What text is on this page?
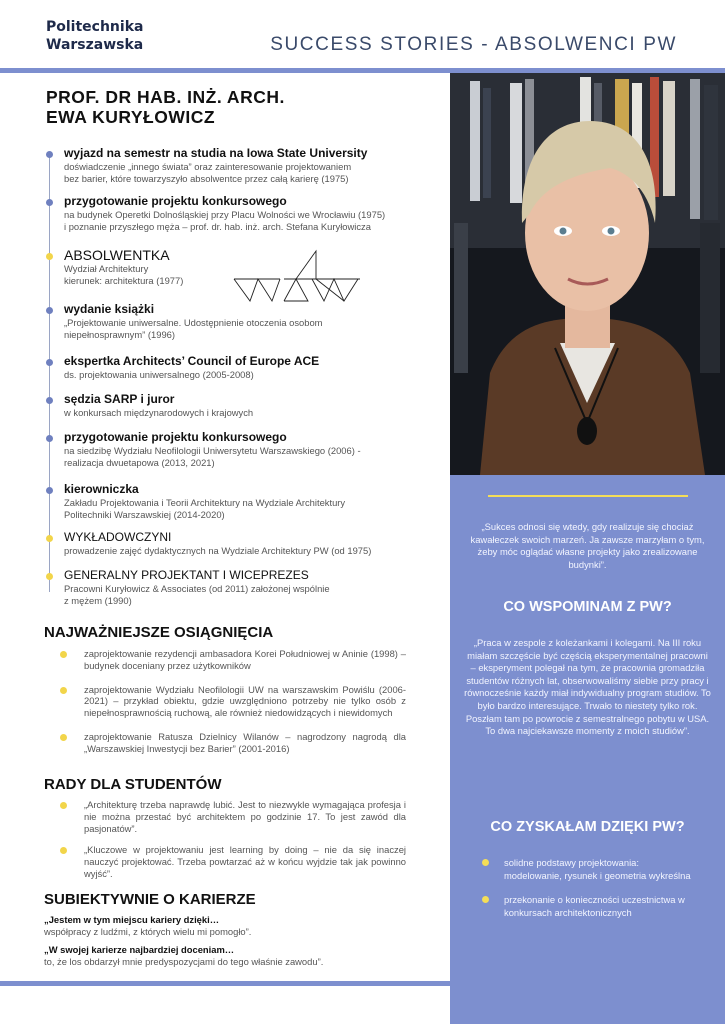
Politechnika
Warszawska	SUCCESS STORIES - ABSOLWENCI PW
PROF. DR HAB. INŻ. ARCH.
EWA KURYŁOWICZ
wyjazd na semestr na studia na Iowa State University
doświadczenie „innego świata” oraz zainteresowanie projektowaniem
bez barier, które towarzyszyło absolwentce przez całą karierę (1975)
przygotowanie projektu konkursowego
na budynek Operetki Dolnośląskiej przy Placu Wolności we Wrocławiu (1975)
i poznanie przyszłego męża – prof. dr. hab. inż. arch. Stefana Kuryłowicza
ABSOLWENTKA
Wydział Architektury
kierunek: architektura (1977)
wydanie książki
„Projektowanie uniwersalne. Udostępnienie otoczenia osobom
niepełnosprawnym” (1996)
ekspertka Architects’ Council of Europe ACE
ds. projektowania uniwersalnego (2005-2008)
sędzia SARP i juror
w konkursach międzynarodowych i krajowych
przygotowanie projektu konkursowego
na siedzibę Wydziału Neofilologii Uniwersytetu Warszawskiego (2006) -
realizacja dwuetapowa (2013, 2021)
kierowniczka
Zakładu Projektowania i Teorii Architektury na Wydziale Architektury
Politechniki Warszawskiej (2014-2020)
WYKŁADOWCZYNI
prowadzenie zajęć dydaktycznych na Wydziale Architektury PW (od 1975)
GENERALNY PROJEKTANT I WICEPREZES
Pracowni Kuryłowicz & Associates (od 2011) założonej wspólnie
z mężem (1990)
NAJWAŻNIEJSZE OSIĄGNIĘCIA
zaprojektowanie rezydencji ambasadora Korei Południowej w Aninie (1998) – budynek doceniany przez użytkowników
zaprojektowanie Wydziału Neofilologii UW na warszawskim Powiślu (2006-2021) – przykład obiektu, gdzie uwzględniono potrzeby nie tylko osób z niepełnosprawnością ruchową, ale również niedowidzących i niewidomych
zaprojektowanie Ratusza Dzielnicy Wilanów – nagrodzony nagrodą dla „Warszawskiej Inwestycji bez Barier” (2001-2016)
RADY DLA STUDENTÓW
„Architekturę trzeba naprawdę lubić. Jest to niezwykle wymagająca profesja i nie można przestać być architektem po godzinie 17. To jest zawód dla pasjonatów”.
„Kluczowe w projektowaniu jest learning by doing – nie da się inaczej nauczyć projektować. Trzeba powtarzać aż w końcu wyjdzie tak jak powinno wyjść”.
SUBIEKTYWNIE O KARIERZE
„Jestem w tym miejscu kariery dzięki…
współpracy z ludźmi, z których wielu mi pomogło”.
„W swojej karierze najbardziej doceniam…
to, że los obdarzył mnie predyspozycjami do tego właśnie zawodu”.
„Sukces odnosi się wtedy, gdy realizuje się chociaż kawałeczek swoich marzeń. Ja zawsze marzyłam o tym, żeby móc oglądać własne projekty jako zrealizowane budynki”.
CO WSPOMINAM Z PW?
„Praca w zespole z koleżankami i kolegami. Na III roku miałam szczęście być częścią eksperymentalnej pracowni – eksperyment polegał na tym, że pracownia gromadziła studentów różnych lat, obserwowaliśmy siebie przy pracy i równocześnie każdy miał indywidualny program studiów. To było bardzo interesujące. Trwało to niestety tylko rok. Poszłam tam po powrocie z semestralnego pobytu w USA. To dwa najciekawsze momenty z moich studiów”.
CO ZYSKAŁAM DZIĘKI PW?
solidne podstawy projektowania: modelowanie, rysunek i geometria wykreślna
przekonanie o konieczności uczestnictwa w konkursach architektonicznych
